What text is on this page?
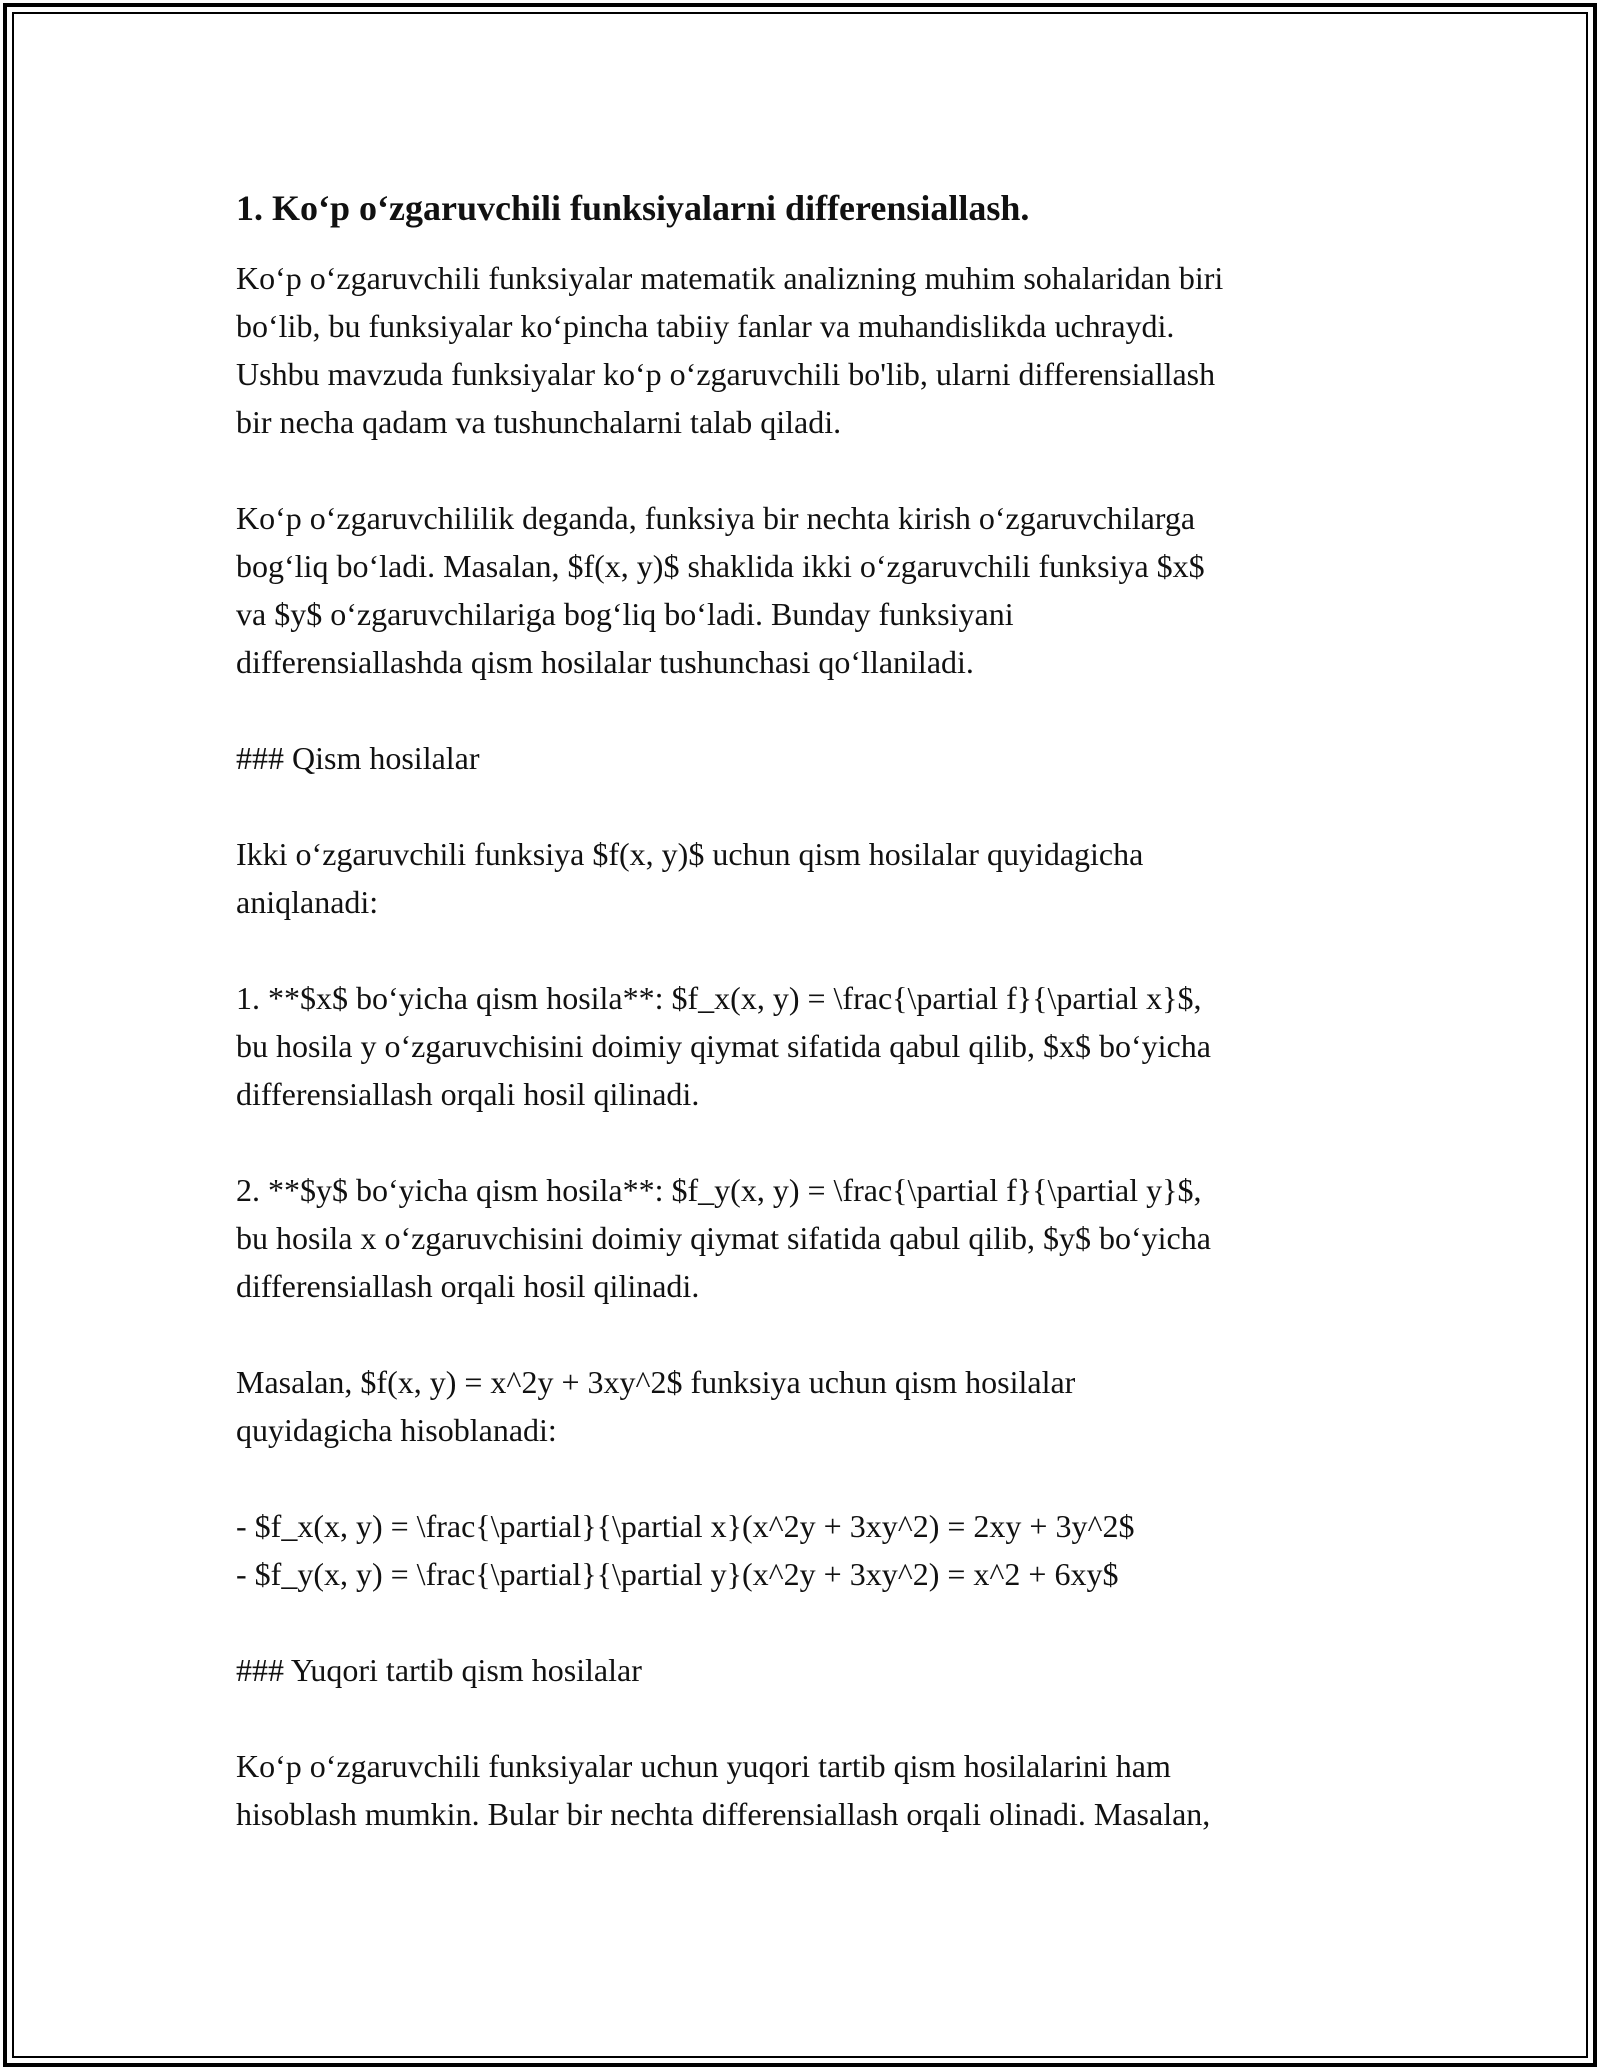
1. Koʻp oʻzgaruvchili funksiyalarni differensiallash.
Koʻp oʻzgaruvchili funksiyalar matematik analizning muhim sohalaridan biri
boʻlib, bu funksiyalar koʻpincha tabiiy fanlar va muhandislikda uchraydi.
Ushbu mavzuda funksiyalar koʻp oʻzgaruvchili bo'lib, ularni differensiallash
bir necha qadam va tushunchalarni talab qiladi.
Koʻp oʻzgaruvchililik deganda, funksiya bir nechta kirish oʻzgaruvchilarga
bogʻliq boʻladi. Masalan, $f(x, y)$ shaklida ikki oʻzgaruvchili funksiya $x$
va $y$ oʻzgaruvchilariga bogʻliq boʻladi. Bunday funksiyani
differensiallashda qism hosilalar tushunchasi qoʻllaniladi.
### Qism hosilalar
Ikki oʻzgaruvchili funksiya $f(x, y)$ uchun qism hosilalar quyidagicha
aniqlanadi:
1. **$x$ boʻyicha qism hosila**: $f_x(x, y) = \frac{\partial f}{\partial x}$,
bu hosila y oʻzgaruvchisini doimiy qiymat sifatida qabul qilib, $x$ boʻyicha
differensiallash orqali hosil qilinadi.
2. **$y$ boʻyicha qism hosila**: $f_y(x, y) = \frac{\partial f}{\partial y}$,
bu hosila x oʻzgaruvchisini doimiy qiymat sifatida qabul qilib, $y$ boʻyicha
differensiallash orqali hosil qilinadi.
Masalan, $f(x, y) = x^2y + 3xy^2$ funksiya uchun qism hosilalar
quyidagicha hisoblanadi:
- $f_x(x, y) = \frac{\partial}{\partial x}(x^2y + 3xy^2) = 2xy + 3y^2$
- $f_y(x, y) = \frac{\partial}{\partial y}(x^2y + 3xy^2) = x^2 + 6xy$
### Yuqori tartib qism hosilalar
Koʻp oʻzgaruvchili funksiyalar uchun yuqori tartib qism hosilalarini ham
hisoblash mumkin. Bular bir nechta differensiallash orqali olinadi. Masalan,
